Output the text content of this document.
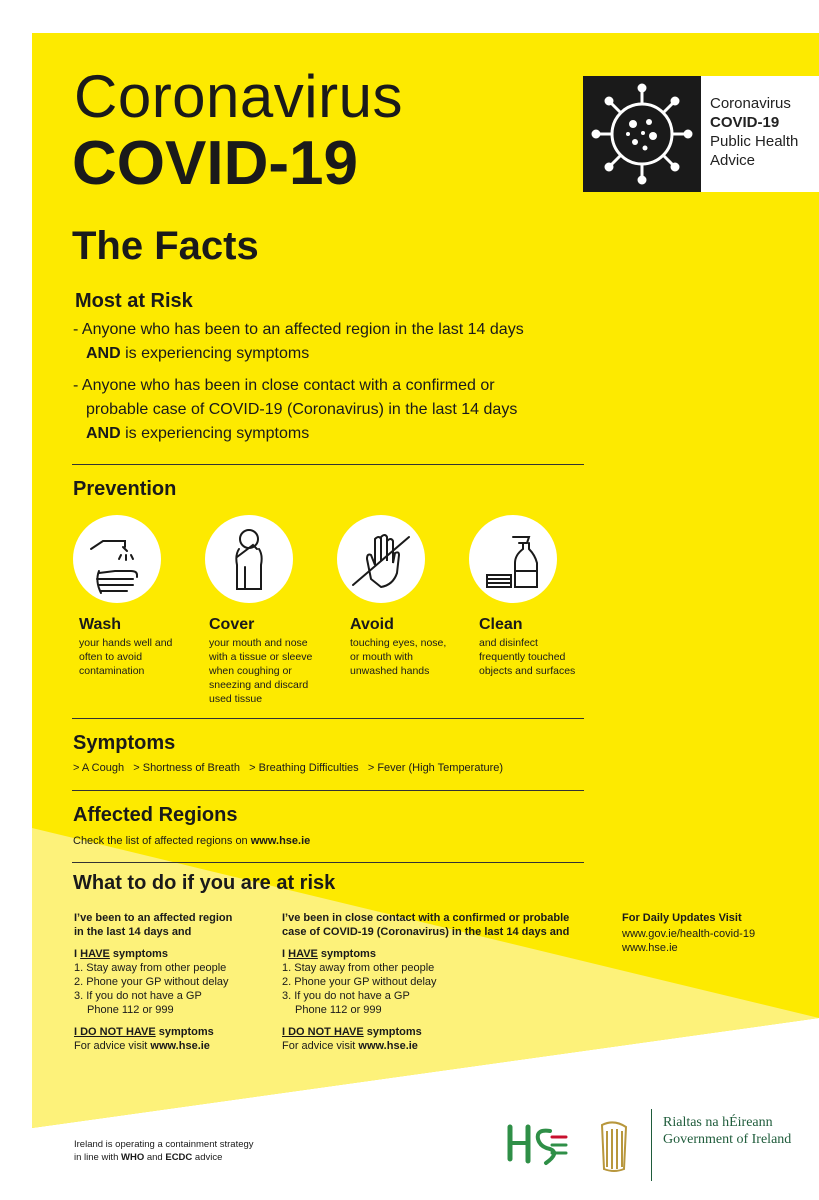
Coronavirus
COVID-19
The Facts
Coronavirus
COVID-19
Public Health
Advice
Most at Risk
- Anyone who has been to an affected region in the last 14 days
AND is experiencing symptoms
- Anyone who has been in close contact with a confirmed or
probable case of COVID-19 (Coronavirus) in the last 14 days
AND is experiencing symptoms
Prevention
Wash
your hands well and
often to avoid
contamination
Cover
your mouth and nose
with a tissue or sleeve
when coughing or
sneezing and discard
used tissue
Avoid
touching eyes, nose,
or mouth with
unwashed hands
Clean
and disinfect
frequently touched
objects and surfaces
Symptoms
> A Cough > Shortness of Breath > Breathing Difficulties > Fever (High Temperature)
Affected Regions
Check the list of affected regions on www.hse.ie
What to do if you are at risk
I’ve been to an affected region
in the last 14 days and
I HAVE symptoms
1. Stay away from other people
2. Phone your GP without delay
3. If you do not have a GP
Phone 112 or 999
I DO NOT HAVE symptoms
For advice visit www.hse.ie
I’ve been in close contact with a confirmed or probable
case of COVID-19 (Coronavirus) in the last 14 days and
I HAVE symptoms
1. Stay away from other people
2. Phone your GP without delay
3. If you do not have a GP
Phone 112 or 999
I DO NOT HAVE symptoms
For advice visit www.hse.ie
For Daily Updates Visit
www.gov.ie/health-covid-19
www.hse.ie
Ireland is operating a containment strategy
in line with WHO and ECDC advice
Rialtas na hÉireann
Government of Ireland
